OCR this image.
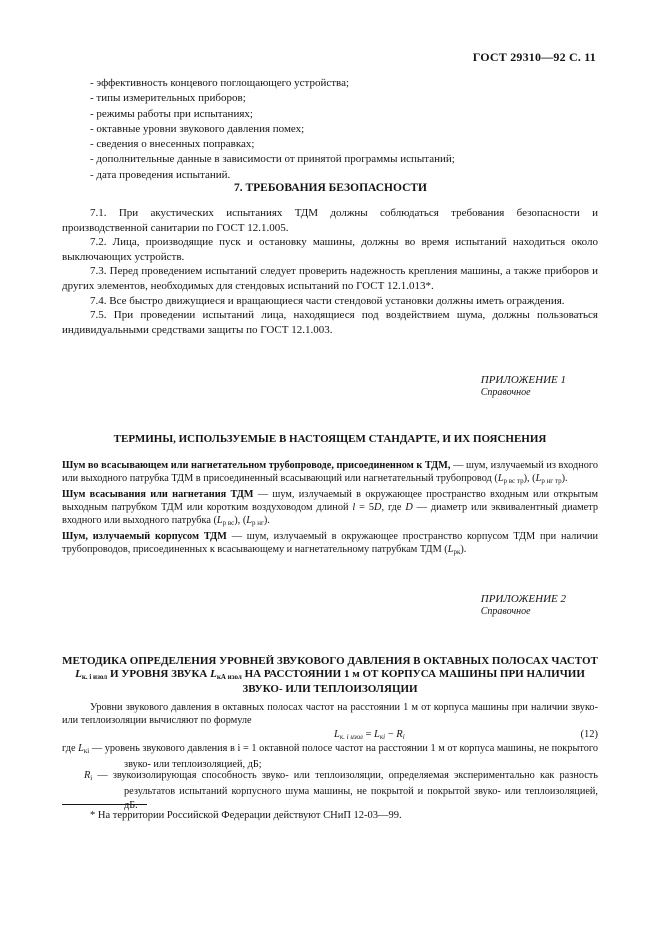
ГОСТ 29310—92 С. 11
- эффективность концевого поглощающего устройства;
- типы измерительных приборов;
- режимы работы при испытаниях;
- октавные уровни звукового давления помех;
- сведения о внесенных поправках;
- дополнительные данные в зависимости от принятой программы испытаний;
- дата проведения испытаний.
7. ТРЕБОВАНИЯ БЕЗОПАСНОСТИ
7.1. При акустических испытаниях ТДМ должны соблюдаться требования безопасности и производственной санитарии по ГОСТ 12.1.005.
7.2. Лица, производящие пуск и остановку машины, должны во время испытаний находиться около выключающих устройств.
7.3. Перед проведением испытаний следует проверить надежность крепления машины, а также приборов и других элементов, необходимых для стендовых испытаний по ГОСТ 12.1.013*.
7.4. Все быстро движущиеся и вращающиеся части стендовой установки должны иметь ограждения.
7.5. При проведении испытаний лица, находящиеся под воздействием шума, должны пользоваться индивидуальными средствами защиты по ГОСТ 12.1.003.
ПРИЛОЖЕНИЕ 1
Справочное
ТЕРМИНЫ, ИСПОЛЬЗУЕМЫЕ В НАСТОЯЩЕМ СТАНДАРТЕ, И ИХ ПОЯСНЕНИЯ
Шум во всасывающем или нагнетательном трубопроводе, присоединенном к ТДМ, — шум, излучаемый из входного или выходного патрубка ТДМ в присоединенный всасывающий или нагнетательный трубопровод $(L_{p вс тр})$, $(L_{p нг тр})$.
Шум всасывания или нагнетания ТДМ — шум, излучаемый в окружающее пространство входным или открытым выходным патрубком ТДМ или коротким воздуховодом длиной l = 5D, где D — диаметр или эквивалентный диаметр входного или выходного патрубка $(L_{p вс})$, $(L_{p нг})$.
Шум, излучаемый корпусом ТДМ — шум, излучаемый в окружающее пространство корпусом ТДМ при наличии трубопроводов, присоединенных к всасывающему и нагнетательному патрубкам ТДМ $(L_{pк})$.
ПРИЛОЖЕНИЕ 2
Справочное
МЕТОДИКА ОПРЕДЕЛЕНИЯ УРОВНЕЙ ЗВУКОВОГО ДАВЛЕНИЯ В ОКТАВНЫХ ПОЛОСАХ ЧАСТОТ
$L_{к. i изол}$ И УРОВНЯ ЗВУКА $L_{кА изол}$ НА РАССТОЯНИИ 1 м ОТ КОРПУСА МАШИНЫ ПРИ НАЛИЧИИ
ЗВУКО- ИЛИ ТЕПЛОИЗОЛЯЦИИ
Уровни звукового давления в октавных полосах частот на расстоянии 1 м от корпуса машины при наличии звуко- или теплоизоляции вычисляют по формуле
$L_{к. i изол} = L_{кi} - R_i$	(12)
где $L_{кi}$ — уровень звукового давления в i = 1 октавной полосе частот на расстоянии 1 м от корпуса машины, не покрытого звуко- или теплоизоляцией, дБ;
$R_i$ — звукоизолирующая способность звуко- или теплоизоляции, определяемая экспериментально как разность результатов испытаний корпусного шума машины, не покрытой и покрытой звуко- или теплоизоляцией, дБ.
* На территории Российской Федерации действуют СНиП 12-03—99.
